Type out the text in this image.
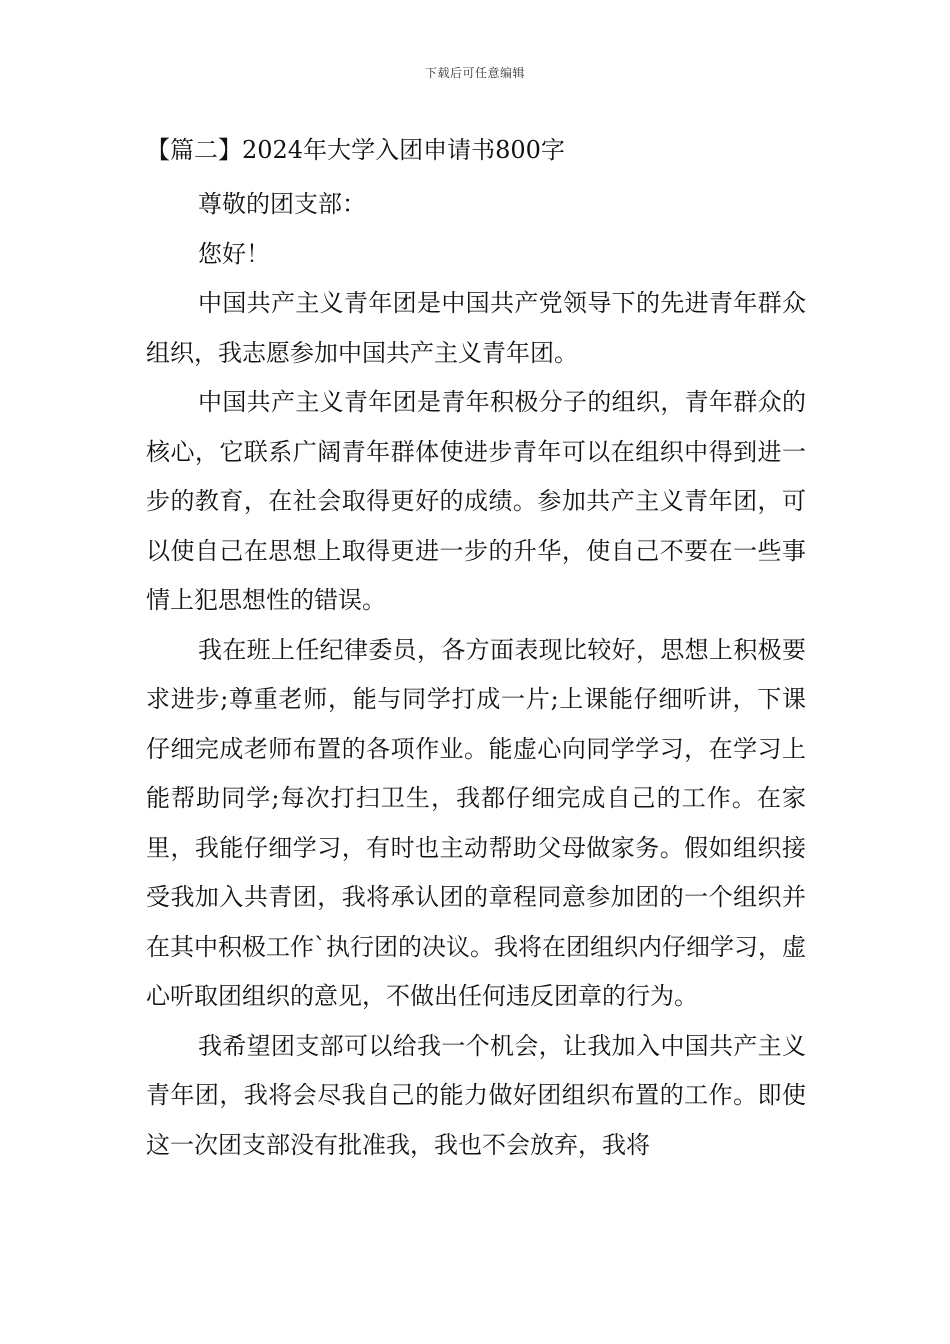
下载后可任意编辑
【篇二】2024年大学入团申请书800字

尊敬的团支部：

您好！

中国共产主义青年团是中国共产党领导下的先进青年群众组织，我志愿参加中国共产主义青年团。

中国共产主义青年团是青年积极分子的组织，青年群众的核心，它联系广阔青年群体使进步青年可以在组织中得到进一步的教育，在社会取得更好的成绩。参加共产主义青年团，可以使自己在思想上取得更进一步的升华，使自己不要在一些事情上犯思想性的错误。

我在班上任纪律委员，各方面表现比较好，思想上积极要求进步;尊重老师，能与同学打成一片;上课能仔细听讲，下课仔细完成老师布置的各项作业。能虚心向同学学习，在学习上能帮助同学;每次打扫卫生，我都仔细完成自己的工作。在家里，我能仔细学习，有时也主动帮助父母做家务。假如组织接受我加入共青团，我将承认团的章程同意参加团的一个组织并在其中积极工作`执行团的决议。我将在团组织内仔细学习，虚心听取团组织的意见，不做出任何违反团章的行为。

我希望团支部可以给我一个机会，让我加入中国共产主义青年团，我将会尽我自己的能力做好团组织布置的工作。即使这一次团支部没有批准我，我也不会放弃，我将
